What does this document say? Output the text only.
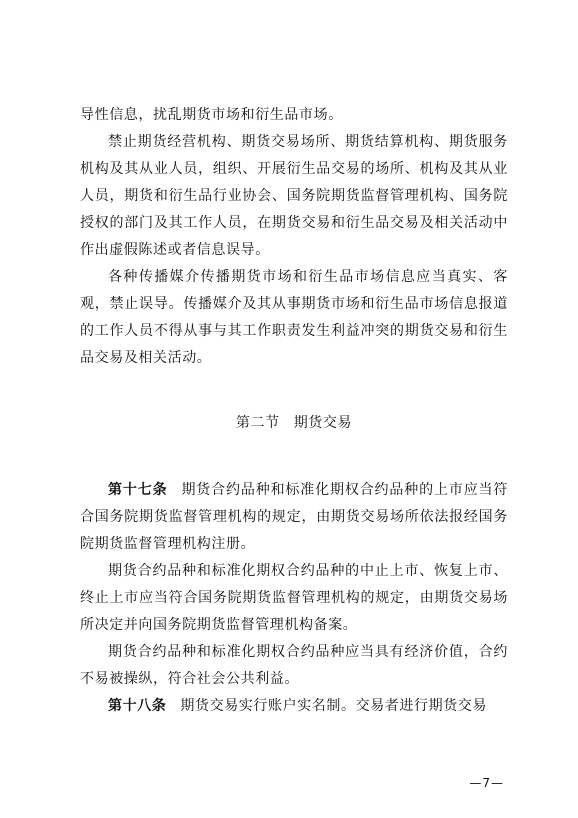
导性信息，扰乱期货市场和衍生品市场。

禁止期货经营机构、期货交易场所、期货结算机构、期货服务机构及其从业人员，组织、开展衍生品交易的场所、机构及其从业人员，期货和衍生品行业协会、国务院期货监督管理机构、国务院授权的部门及其工作人员，在期货交易和衍生品交易及相关活动中作出虚假陈述或者信息误导。

各种传播媒介传播期货市场和衍生品市场信息应当真实、客观，禁止误导。传播媒介及其从事期货市场和衍生品市场信息报道的工作人员不得从事与其工作职责发生利益冲突的期货交易和衍生品交易及相关活动。

第二节 期货交易

第十七条 期货合约品种和标准化期权合约品种的上市应当符合国务院期货监督管理机构的规定，由期货交易场所依法报经国务院期货监督管理机构注册。

期货合约品种和标准化期权合约品种的中止上市、恢复上市、终止上市应当符合国务院期货监督管理机构的规定，由期货交易场所决定并向国务院期货监督管理机构备案。

期货合约品种和标准化期权合约品种应当具有经济价值，合约不易被操纵，符合社会公共利益。

第十八条 期货交易实行账户实名制。交易者进行期货交易

—7—
